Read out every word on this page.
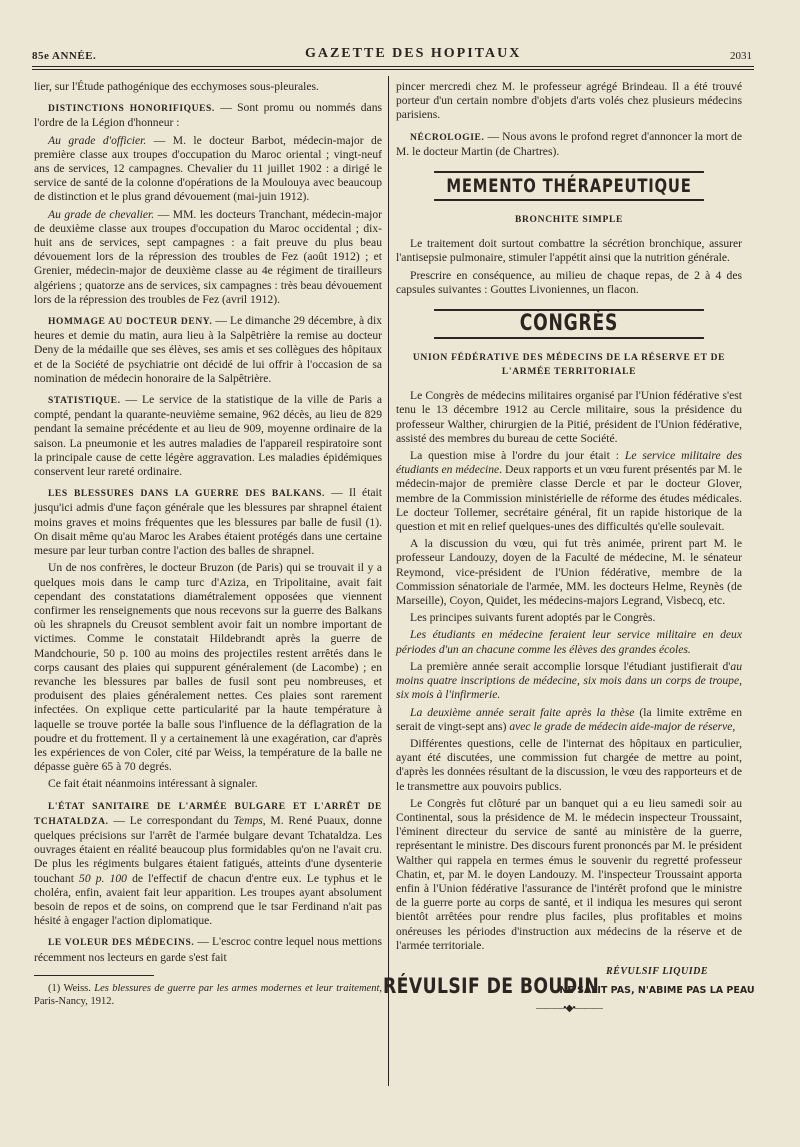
85e ANNÉE.	GAZETTE DES HOPITAUX	2031

lier, sur l'Étude pathogénique des ecchymoses sous-pleurales.

DISTINCTIONS HONORIFIQUES. — Sont promu ou nommés dans l'ordre de la Légion d'honneur :

Au grade d'officier. — M. le docteur Barbot, médecin-major de première classe aux troupes d'occupation du Maroc oriental ; vingt-neuf ans de services, 12 campagnes. Chevalier du 11 juillet 1902 : a dirigé le service de santé de la colonne d'opérations de la Moulouya avec beaucoup de distinction et le plus grand dévouement (mai-juin 1912).

Au grade de chevalier. — MM. les docteurs Tranchant, médecin-major de deuxième classe aux troupes d'occupation du Maroc occidental ; dix-huit ans de services, sept campagnes : a fait preuve du plus beau dévouement lors de la répression des troubles de Fez (août 1912) ; et Grenier, médecin-major de deuxième classe au 4e régiment de tirailleurs algériens ; quatorze ans de services, six campagnes : très beau dévouement lors de la répression des troubles de Fez (avril 1912).

HOMMAGE AU DOCTEUR DENY. — Le dimanche 29 décembre, à dix heures et demie du matin, aura lieu à la Salpêtrière la remise au docteur Deny de la médaille que ses élèves, ses amis et ses collègues des hôpitaux et de la Société de psychiatrie ont décidé de lui offrir à l'occasion de sa nomination de médecin honoraire de la Salpêtrière.

STATISTIQUE. — Le service de la statistique de la ville de Paris a compté, pendant la quarante-neuvième semaine, 962 décès, au lieu de 829 pendant la semaine précédente et au lieu de 909, moyenne ordinaire de la saison. La pneumonie et les autres maladies de l'appareil respiratoire sont la principale cause de cette légère aggravation. Les maladies épidémiques conservent leur rareté ordinaire.

LES BLESSURES DANS LA GUERRE DES BALKANS. — Il était jusqu'ici admis d'une façon générale que les blessures par shrapnel étaient moins graves et moins fréquentes que les blessures par balle de fusil (1). On disait même qu'au Maroc les Arabes étaient protégés dans une certaine mesure par leur turban contre l'action des balles de shrapnel.

Un de nos confrères, le docteur Bruzon (de Paris) qui se trouvait il y a quelques mois dans le camp turc d'Aziza, en Tripolitaine, avait fait cependant des constatations diamétralement opposées que viennent confirmer les renseignements que nous recevons sur la guerre des Balkans où les shrapnels du Creusot semblent avoir fait un nombre important de victimes. Comme le constatait Hildebrandt après la guerre de Mandchourie, 50 p. 100 au moins des projectiles restent arrêtés dans le corps causant des plaies qui suppurent généralement (de Lacombe) ; en revanche les blessures par balles de fusil sont peu nombreuses, et produisent des plaies généralement nettes. Ces plaies sont rarement infectées. On explique cette particularité par la haute température à laquelle se trouve portée la balle sous l'influence de la déflagration de la poudre et du frottement. Il y a certainement là une exagération, car d'après les expériences de von Coler, cité par Weiss, la température de la balle ne dépasse guère 65 à 70 degrés.

Ce fait était néanmoins intéressant à signaler.

L'ÉTAT SANITAIRE DE L'ARMÉE BULGARE ET L'ARRÊT DE TCHATALDZA. — Le correspondant du Temps, M. René Puaux, donne quelques précisions sur l'arrêt de l'armée bulgare devant Tchataldza. Les ouvrages étaient en réalité beaucoup plus formidables qu'on ne l'avait cru. De plus les régiments bulgares étaient fatigués, atteints d'une dysenterie touchant 50 p. 100 de l'effectif de chacun d'entre eux. Le typhus et le choléra, enfin, avaient fait leur apparition. Les troupes ayant absolument besoin de repos et de soins, on comprend que le tsar Ferdinand n'ait pas hésité à engager l'action diplomatique.

LE VOLEUR DES MÉDECINS. — L'escroc contre lequel nous mettions récemment nos lecteurs en garde s'est fait

(1) Weiss. Les blessures de guerre par les armes modernes et leur traitement, Paris-Nancy, 1912.

pincer mercredi chez M. le professeur agrégé Brindeau. Il a été trouvé porteur d'un certain nombre d'objets d'arts volés chez plusieurs médecins parisiens.

NÉCROLOGIE. — Nous avons le profond regret d'annoncer la mort de M. le docteur Martin (de Chartres).

MEMENTO THÉRAPEUTIQUE
BRONCHITE SIMPLE

Le traitement doit surtout combattre la sécrétion bronchique, assurer l'antisepsie pulmonaire, stimuler l'appétit ainsi que la nutrition générale.

Prescrire en conséquence, au milieu de chaque repas, de 2 à 4 des capsules suivantes : Gouttes Livoniennes, un flacon.

CONGRÈS
UNION FÉDÉRATIVE DES MÉDECINS DE LA RÉSERVE ET DE L'ARMÉE TERRITORIALE

Le Congrès de médecins militaires organisé par l'Union fédérative s'est tenu le 13 décembre 1912 au Cercle militaire, sous la présidence du professeur Walther, chirurgien de la Pitié, président de l'Union fédérative, assisté des membres du bureau de cette Société.

La question mise à l'ordre du jour était : Le service militaire des étudiants en médecine. Deux rapports et un vœu furent présentés par M. le médecin-major de première classe Dercle et par le docteur Glover, membre de la Commission ministérielle de réforme des études médicales. Le docteur Tollemer, secrétaire général, fit un rapide historique de la question et mit en relief quelques-unes des difficultés qu'elle soulevait.

A la discussion du vœu, qui fut très animée, prirent part M. le professeur Landouzy, doyen de la Faculté de médecine, M. le sénateur Reymond, vice-président de l'Union fédérative, membre de la Commission sénatoriale de l'armée, MM. les docteurs Helme, Reynès (de Marseille), Coyon, Quidet, les médecins-majors Legrand, Visbecq, etc.

Les principes suivants furent adoptés par le Congrès.

Les étudiants en médecine feraient leur service militaire en deux périodes d'un an chacune comme les élèves des grandes écoles.

La première année serait accomplie lorsque l'étudiant justifierait d'au moins quatre inscriptions de médecine, six mois dans un corps de troupe, six mois à l'infirmerie.

La deuxième année serait faite après la thèse (la limite extrême en serait de vingt-sept ans) avec le grade de médecin aide-major de réserve,

Différentes questions, celle de l'internat des hôpitaux en particulier, ayant été discutées, une commission fut chargée de mettre au point, d'après les données résultant de la discussion, le vœu des rapporteurs et de le transmettre aux pouvoirs publics.

Le Congrès fut clôturé par un banquet qui a eu lieu samedi soir au Continental, sous la présidence de M. le médecin inspecteur Troussaint, l'éminent directeur du service de santé au ministère de la guerre, représentant le ministre. Des discours furent prononcés par M. le président Walther qui rappela en termes émus le souvenir du regretté professeur Chatin, et, par M. le doyen Landouzy. M. l'inspecteur Troussaint apporta enfin à l'Union fédérative l'assurance de l'intérêt profond que le ministre de la guerre porte au corps de santé, et il indiqua les mesures qui seront bientôt arrêtées pour rendre plus faciles, plus profitables et moins onéreuses les périodes d'instruction aux médecins de la réserve et de l'armée territoriale.

RÉVULSIF LIQUIDE
RÉVULSIF DE BOUDIN
NE SALIT PAS, N'ABIME PAS LA PEAU
———•◆•———
